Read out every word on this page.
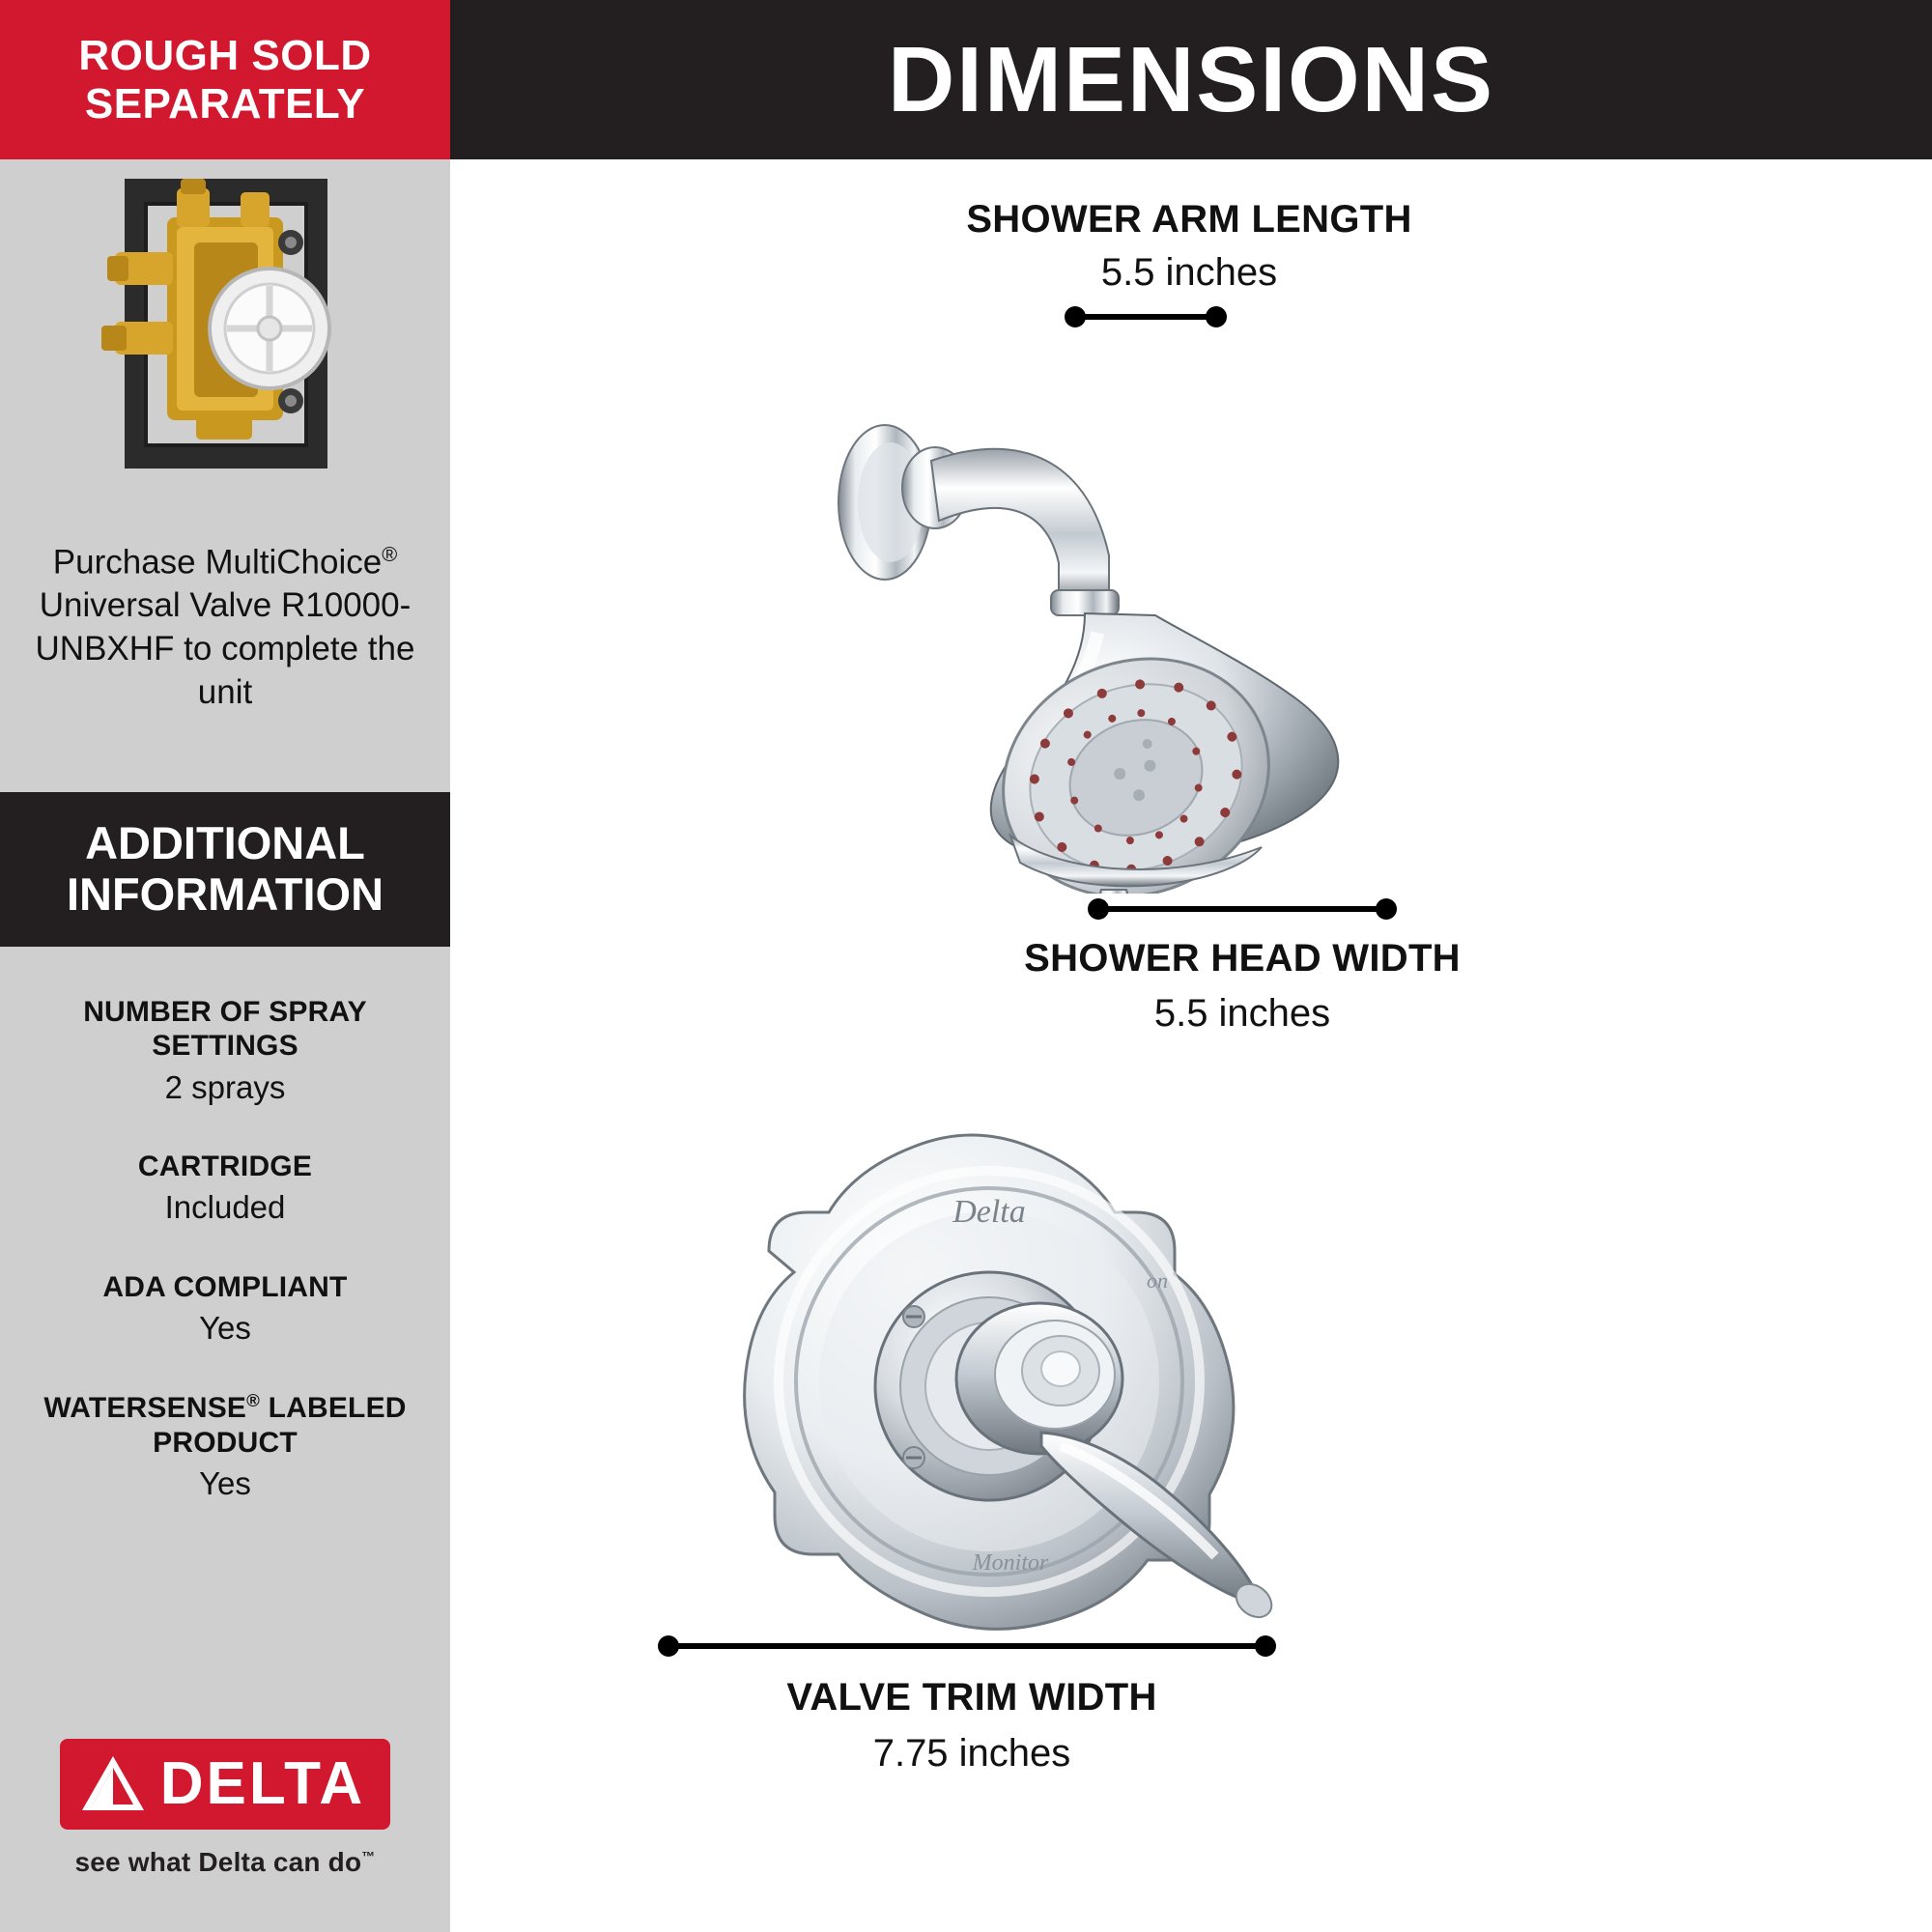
ROUGH SOLD
SEPARATELY
Purchase MultiChoice® Universal Valve R10000-UNBXHF to complete the unit
ADDITIONAL
INFORMATION
NUMBER OF SPRAY SETTINGS
2 sprays
CARTRIDGE
Included
ADA COMPLIANT
Yes
WATERSENSE® LABELED PRODUCT
Yes
DELTA
see what Delta can do™
DIMENSIONS
SHOWER ARM LENGTH
5.5 inches
SHOWER HEAD WIDTH
5.5 inches
Delta
on
Monitor
VALVE TRIM WIDTH
7.75 inches
